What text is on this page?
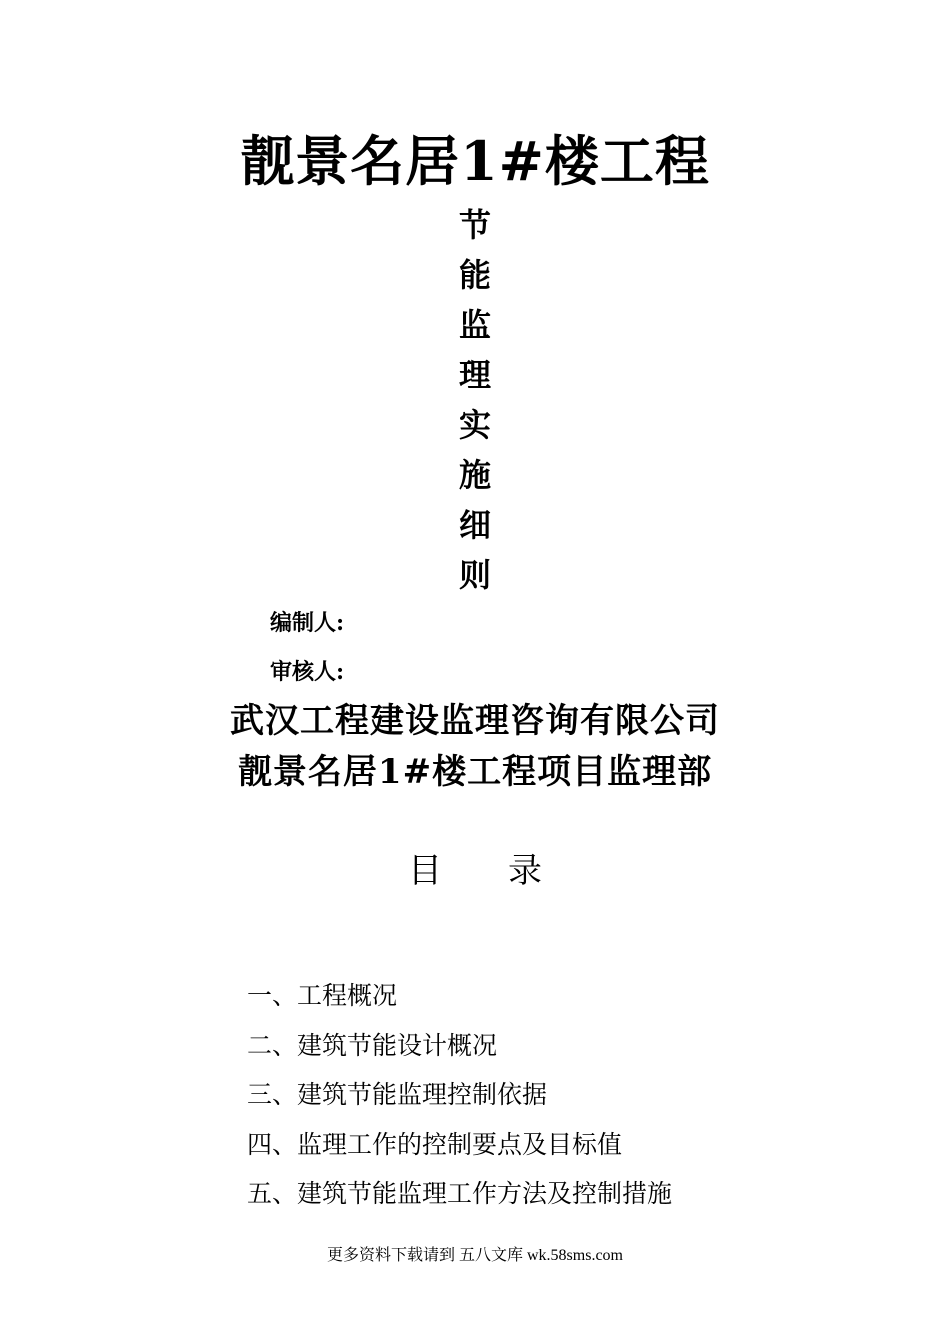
靓景名居1#楼工程
节
能
监
理
实
施
细
则
编制人:
审核人:
武汉工程建设监理咨询有限公司
靓景名居1#楼工程项目监理部
目 录
一、工程概况
二、建筑节能设计概况
三、建筑节能监理控制依据
四、监理工作的控制要点及目标值
五、建筑节能监理工作方法及控制措施
更多资料下载请到 五八文库 wk.58sms.com
